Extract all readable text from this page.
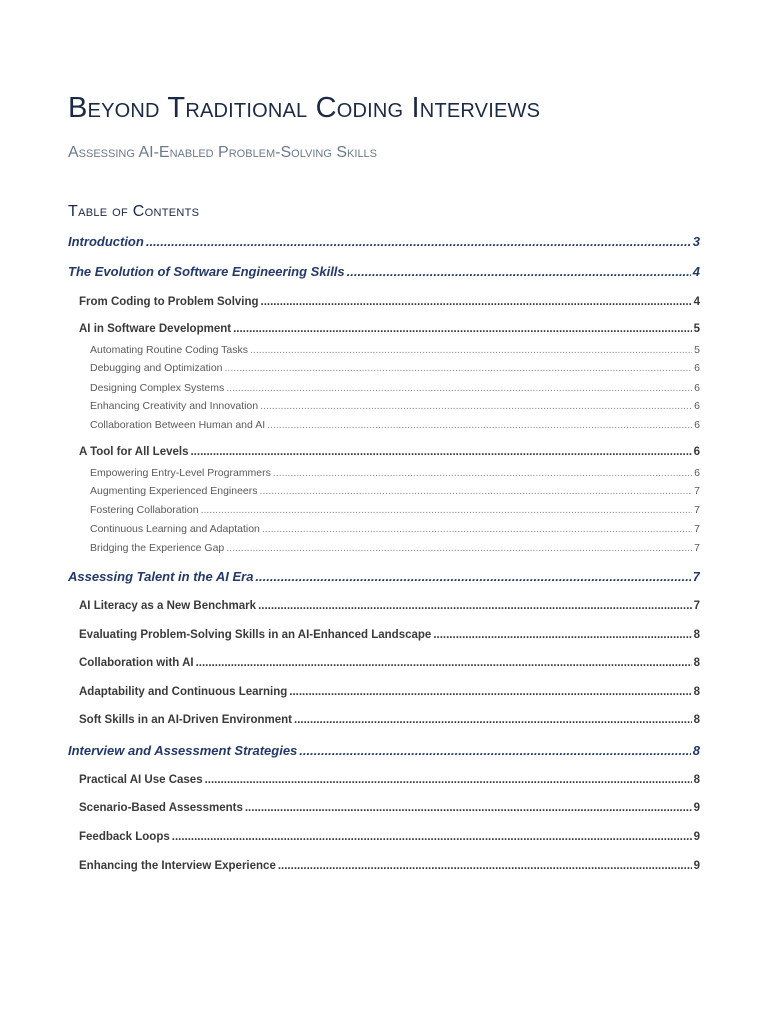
Beyond Traditional Coding Interviews
Assessing AI-Enabled Problem-Solving Skills
Table of Contents
Introduction .....	3
The Evolution of Software Engineering Skills .....	4
From Coding to Problem Solving .....	4
AI in Software Development .....	5
Automating Routine Coding Tasks .....	5
Debugging and Optimization .....	6
Designing Complex Systems .....	6
Enhancing Creativity and Innovation .....	6
Collaboration Between Human and AI .....	6
A Tool for All Levels .....	6
Empowering Entry-Level Programmers .....	6
Augmenting Experienced Engineers .....	7
Fostering Collaboration .....	7
Continuous Learning and Adaptation .....	7
Bridging the Experience Gap .....	7
Assessing Talent in the AI Era .....	7
AI Literacy as a New Benchmark .....	7
Evaluating Problem-Solving Skills in an AI-Enhanced Landscape .....	8
Collaboration with AI .....	8
Adaptability and Continuous Learning .....	8
Soft Skills in an AI-Driven Environment .....	8
Interview and Assessment Strategies .....	8
Practical AI Use Cases .....	8
Scenario-Based Assessments .....	9
Feedback Loops .....	9
Enhancing the Interview Experience .....	9
